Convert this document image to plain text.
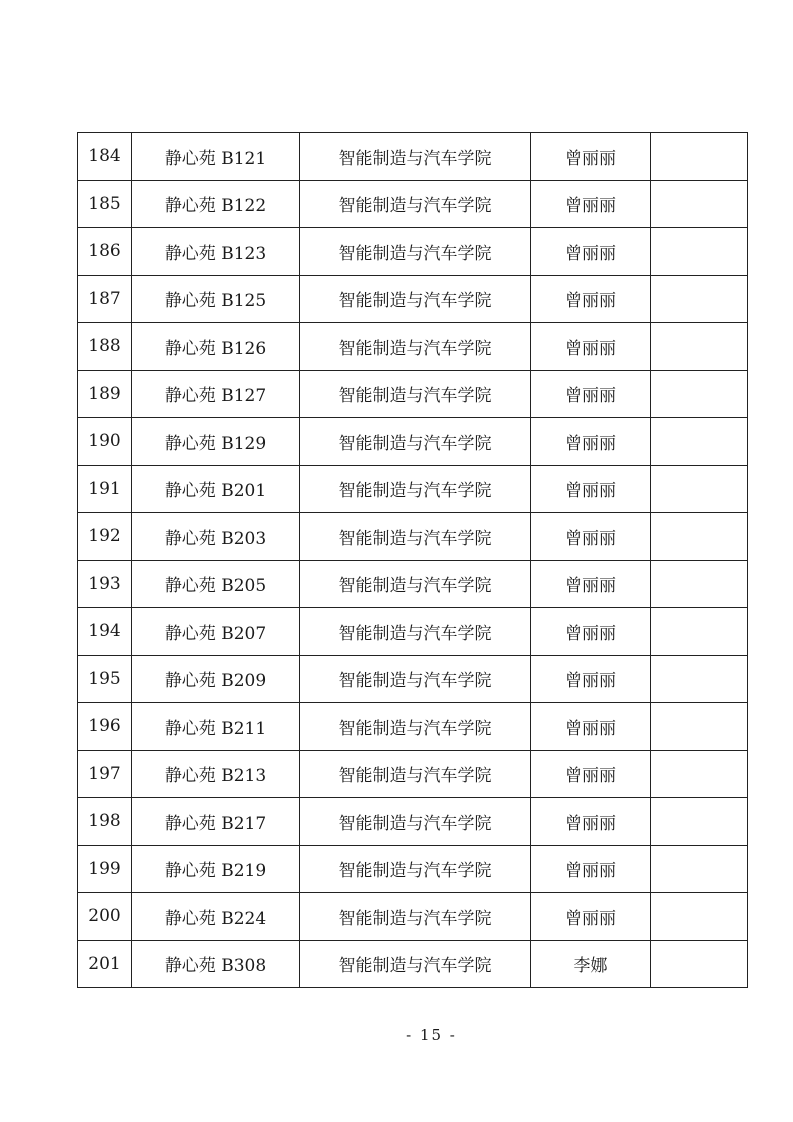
184	静心苑 B121	智能制造与汽车学院	曾丽丽	
185	静心苑 B122	智能制造与汽车学院	曾丽丽	
186	静心苑 B123	智能制造与汽车学院	曾丽丽	
187	静心苑 B125	智能制造与汽车学院	曾丽丽	
188	静心苑 B126	智能制造与汽车学院	曾丽丽	
189	静心苑 B127	智能制造与汽车学院	曾丽丽	
190	静心苑 B129	智能制造与汽车学院	曾丽丽	
191	静心苑 B201	智能制造与汽车学院	曾丽丽	
192	静心苑 B203	智能制造与汽车学院	曾丽丽	
193	静心苑 B205	智能制造与汽车学院	曾丽丽	
194	静心苑 B207	智能制造与汽车学院	曾丽丽	
195	静心苑 B209	智能制造与汽车学院	曾丽丽	
196	静心苑 B211	智能制造与汽车学院	曾丽丽	
197	静心苑 B213	智能制造与汽车学院	曾丽丽	
198	静心苑 B217	智能制造与汽车学院	曾丽丽	
199	静心苑 B219	智能制造与汽车学院	曾丽丽	
200	静心苑 B224	智能制造与汽车学院	曾丽丽	
201	静心苑 B308	智能制造与汽车学院	李娜	
- 15 -
